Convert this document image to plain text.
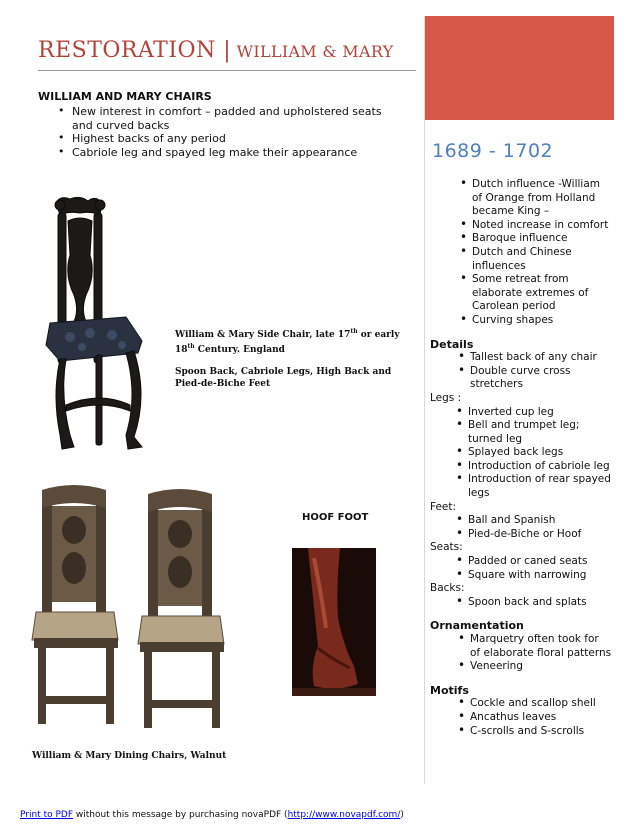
RESTORATION | WILLIAM & MARY
1689 - 1702
• Dutch influence -William of Orange from Holland became King –
• Noted increase in comfort
• Baroque influence
• Dutch and Chinese influences
• Some retreat from elaborate extremes of Carolean period
• Curving shapes
Details
• Tallest back of any chair
• Double curve cross stretchers

Legs :

• Inverted cup leg
• Bell and trumpet leg; turned leg
• Splayed back legs
• Introduction of cabriole leg
• Introduction of rear spayed legs

Feet:

• Ball and Spanish
• Pied-de-Biche or Hoof

Seats:

• Padded or caned seats
• Square with narrowing

Backs:

• Spoon back and splats
Ornamentation
• Marquetry often took for of elaborate floral patterns
• Veneering
Motifs
• Cockle and scallop shell
• Ancathus leaves
• C-scrolls and S-scrolls
WILLIAM AND MARY CHAIRS
• New interest in comfort – padded and upholstered seats and curved backs
• Highest backs of any period
• Cabriole leg and spayed leg make their appearance
William & Mary Side Chair, late 17th or early
18th Century. England
Spoon Back, Cabriole Legs, High Back and
Pied-de-Biche Feet
HOOF FOOT
William & Mary Dining Chairs, Walnut
Print to PDF without this message by purchasing novaPDF (http://www.novapdf.com/)
